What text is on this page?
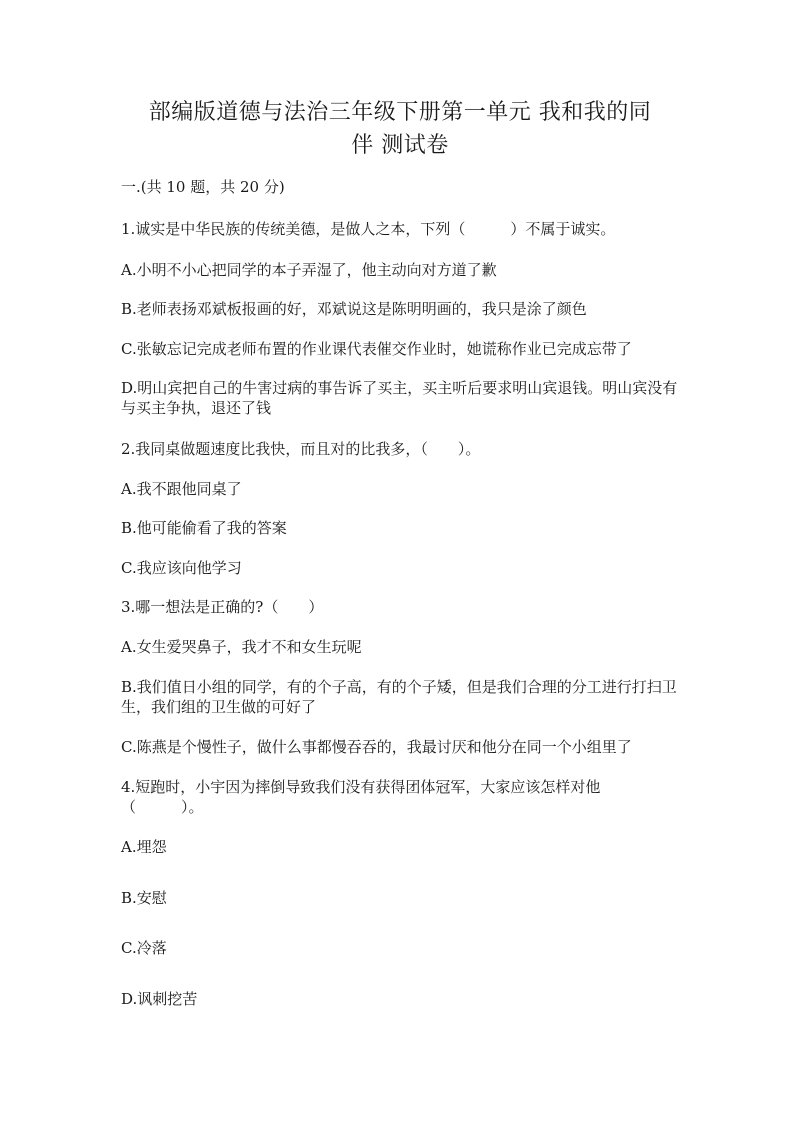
部编版道德与法治三年级下册第一单元 我和我的同
伴 测试卷
一.(共 10 题，共 20 分)
1.诚实是中华民族的传统美德，是做人之本，下列（　　　）不属于诚实。
A.小明不小心把同学的本子弄湿了，他主动向对方道了歉
B.老师表扬邓斌板报画的好，邓斌说这是陈明明画的，我只是涂了颜色
C.张敏忘记完成老师布置的作业课代表催交作业时，她谎称作业已完成忘带了
D.明山宾把自己的牛害过病的事告诉了买主，买主听后要求明山宾退钱。明山宾没有与买主争执，退还了钱
2.我同桌做题速度比我快，而且对的比我多，（　　）。
A.我不跟他同桌了
B.他可能偷看了我的答案
C.我应该向他学习
3.哪一想法是正确的?（　　）
A.女生爱哭鼻子，我才不和女生玩呢
B.我们值日小组的同学，有的个子高，有的个子矮，但是我们合理的分工进行打扫卫生，我们组的卫生做的可好了
C.陈燕是个慢性子，做什么事都慢吞吞的，我最讨厌和他分在同一个小组里了
4.短跑时，小宇因为摔倒导致我们没有获得团体冠军，大家应该怎样对他（　　　）。
A.埋怨
B.安慰
C.冷落
D.讽刺挖苦
